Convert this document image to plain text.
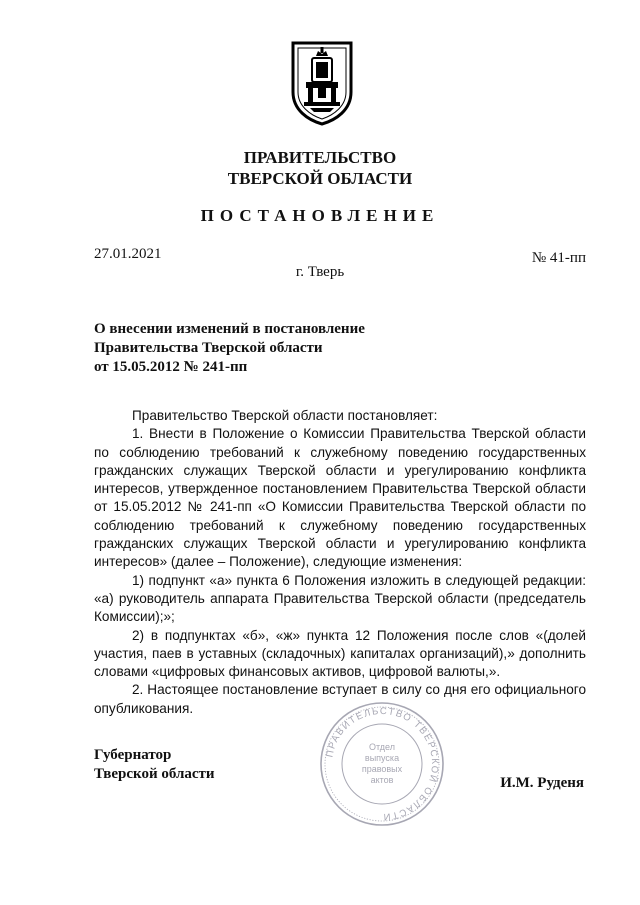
ПРАВИТЕЛЬСТВО
ТВЕРСКОЙ ОБЛАСТИ
ПОСТАНОВЛЕНИЕ
27.01.2021	№ 41-пп
г. Тверь
О внесении изменений в постановление
Правительства Тверской области
от 15.05.2012 № 241-пп

Правительство Тверской области постановляет:

1. Внести в Положение о Комиссии Правительства Тверской области по соблюдению требований к служебному поведению государственных гражданских служащих Тверской области и урегулированию конфликта интересов, утвержденное постановлением Правительства Тверской области от 15.05.2012 № 241-пп «О Комиссии Правительства Тверской области по соблюдению требований к служебному поведению государственных гражданских служащих Тверской области и урегулированию конфликта интересов» (далее – Положение), следующие изменения:

1) подпункт «а» пункта 6 Положения изложить в следующей редакции: «а) руководитель аппарата Правительства Тверской области (председатель Комиссии);»;

2) в подпунктах «б», «ж» пункта 12 Положения после слов «(долей участия, паев в уставных (складочных) капиталах организаций),» дополнить словами «цифровых финансовых активов, цифровой валюты,».

2. Настоящее постановление вступает в силу со дня его официального опубликования.

Губернатор
Тверской области
И.М. Руденя
ПРАВИТЕЛЬСТВО ТВЕРСКОЙ ОБЛАСТИ
Отдел
выпуска
правовых
актов
